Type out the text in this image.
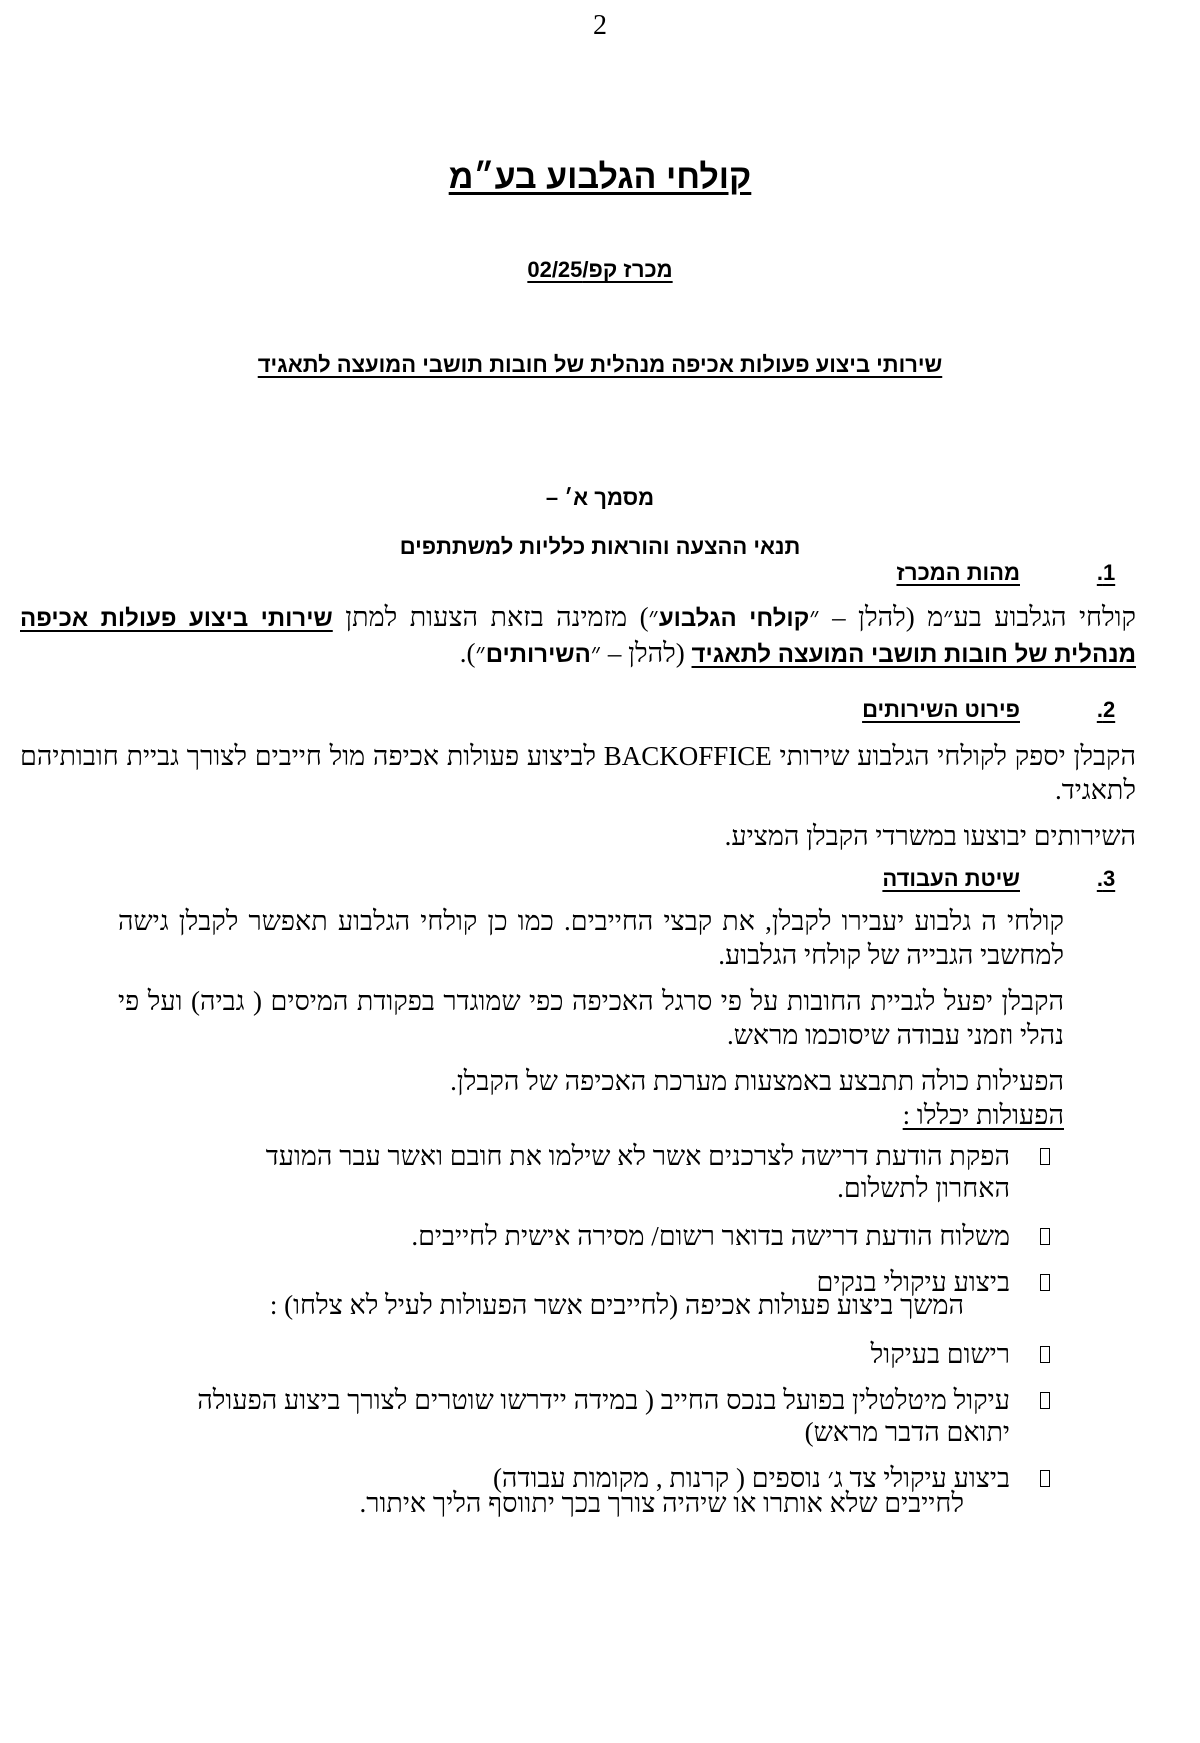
2
קולחי הגלבוע בע״מ
מכרז קפ/02/25
שירותי ביצוע פעולות אכיפה מנהלית של חובות תושבי המועצה לתאגיד
מסמך א׳ –
תנאי ההצעה והוראות כלליות למשתתפים
1.
מהות המכרז

קולחי הגלבוע בע״מ (להלן – ״קולחי הגלבוע״) מזמינה בזאת הצעות למתן שירותי ביצוע פעולות אכיפה מנהלית של חובות תושבי המועצה לתאגיד (להלן – ״השירותים״).

2.
פירוט השירותים

הקבלן יספק לקולחי הגלבוע שירותי BACKOFFICE לביצוע פעולות אכיפה מול חייבים לצורך גביית חובותיהם לתאגיד.

השירותים יבוצעו במשרדי הקבלן המציע.

3.
שיטת העבודה

קולחי ה גלבוע יעבירו לקבלן, את קבצי החייבים. כמו כן קולחי הגלבוע תאפשר לקבלן גישה למחשבי הגבייה של קולחי הגלבוע.

הקבלן יפעל לגביית החובות על פי סרגל האכיפה כפי שמוגדר בפקודת המיסים ( גביה) ועל פי נהלי וזמני עבודה שיסוכמו מראש.

הפעילות כולה תתבצע באמצעות מערכת האכיפה של הקבלן.

הפעולות יכללו :

הפקת הודעת דרישה לצרכנים אשר לא שילמו את חובם ואשר עבר המועד האחרון לתשלום.
משלוח הודעת דרישה בדואר רשום/ מסירה אישית לחייבים.
ביצוע עיקולי בנקים

המשך ביצוע פעולות אכיפה (לחייבים אשר הפעולות לעיל לא צלחו) :

רישום בעיקול
עיקול מיטלטלין בפועל בנכס החייב ( במידה יידרשו שוטרים לצורך ביצוע הפעולה יתואם הדבר מראש)
ביצוע עיקולי צד ג׳ נוספים ( קרנות , מקומות עבודה)

לחייבים שלא אותרו או שיהיה צורך בכך יתווסף הליך איתור.
